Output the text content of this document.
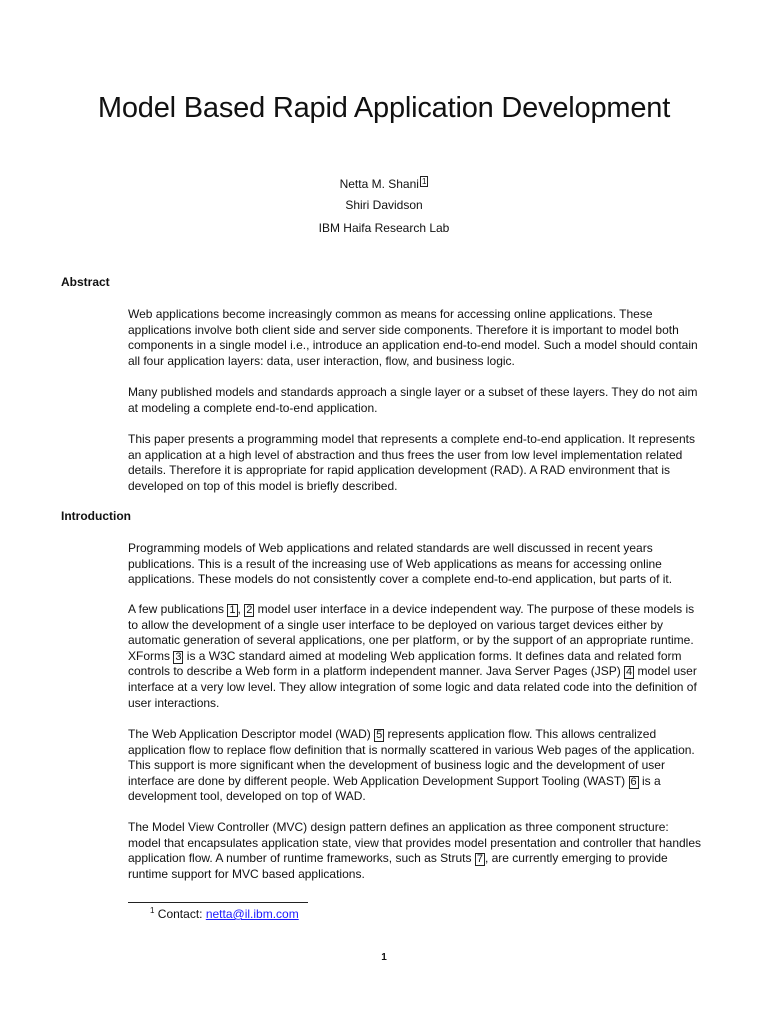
Model Based Rapid Application Development

Netta M. Shani 1

Shiri Davidson

IBM Haifa Research Lab

Abstract

Web applications become increasingly common as means for accessing online applications. These applications involve both client side and server side components. Therefore it is important to model both components in a single model i.e., introduce an application end-to-end model. Such a model should contain all four application layers: data, user interaction, flow, and business logic.

Many published models and standards approach a single layer or a subset of these layers. They do not aim at modeling a complete end-to-end application.

This paper presents a programming model that represents a complete end-to-end application. It represents an application at a high level of abstraction and thus frees the user from low level implementation related details. Therefore it is appropriate for rapid application development (RAD). A RAD environment that is developed on top of this model is briefly described.

Introduction

Programming models of Web applications and related standards are well discussed in recent years publications. This is a result of the increasing use of Web applications as means for accessing online applications. These models do not consistently cover a complete end-to-end application, but parts of it.

A few publications 1 , 2 model user interface in a device independent way. The purpose of these models is to allow the development of a single user interface to be deployed on various target devices either by automatic generation of several applications, one per platform, or by the support of an appropriate runtime. XForms 3 is a W3C standard aimed at modeling Web application forms. It defines data and related form controls to describe a Web form in a platform independent manner. Java Server Pages (JSP) 4 model user interface at a very low level. They allow integration of some logic and data related code into the definition of user interactions.

The Web Application Descriptor model (WAD) 5 represents application flow. This allows centralized application flow to replace flow definition that is normally scattered in various Web pages of the application. This support is more significant when the development of business logic and the development of user interface are done by different people. Web Application Development Support Tooling (WAST) 6 is a development tool, developed on top of WAD.

The Model View Controller (MVC) design pattern defines an application as three component structure: model that encapsulates application state, view that provides model presentation and controller that handles application flow. A number of runtime frameworks, such as Struts 7 , are currently emerging to provide runtime support for MVC based applications.

$^1$ Contact: netta@il.ibm.com

1
